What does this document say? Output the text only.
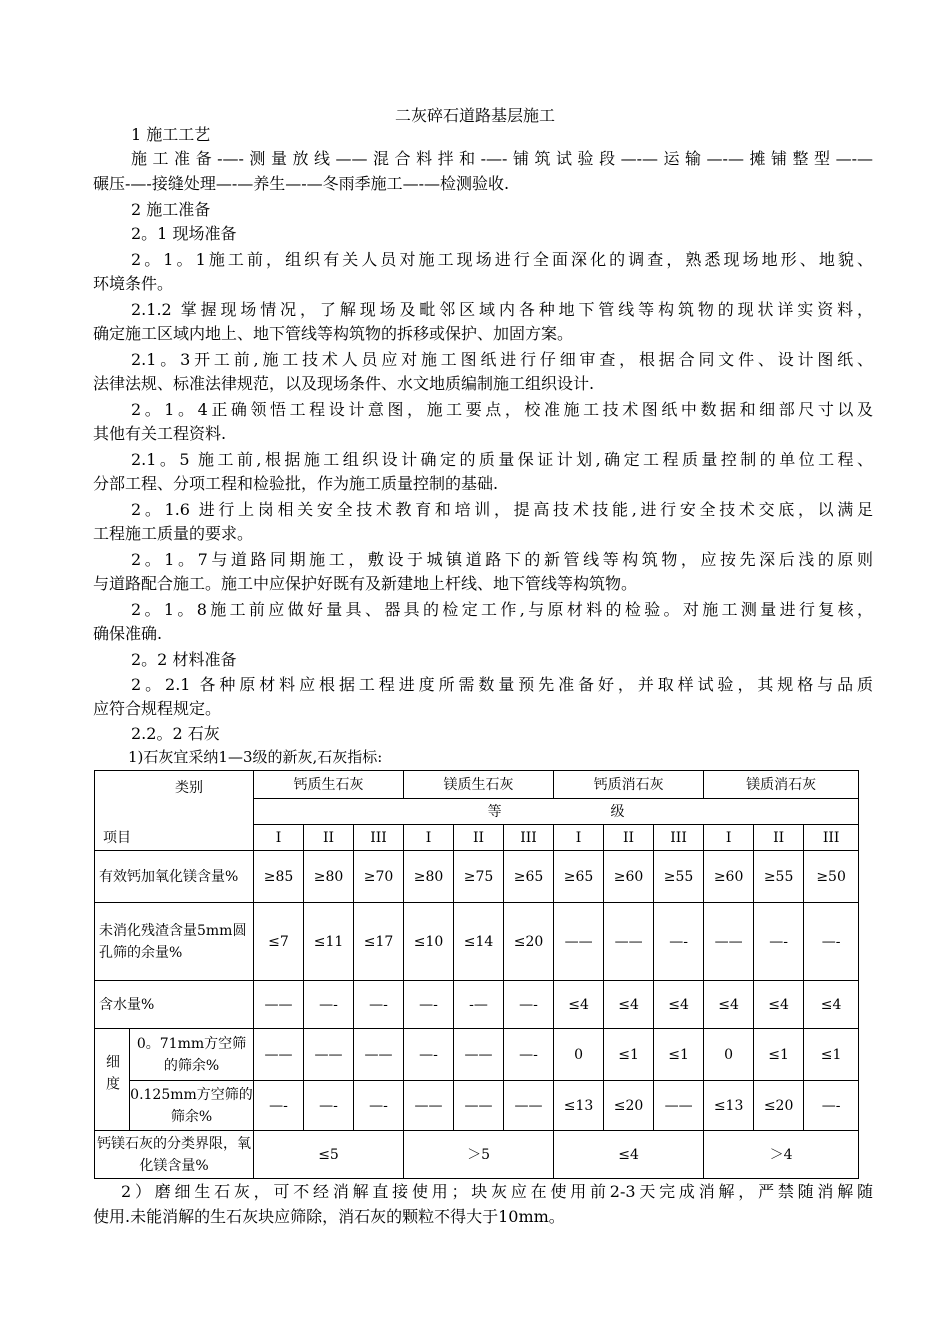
二灰碎石道路基层施工
1 施工工艺
施工准备-—-测量放线——混合料拌和-—-铺筑试验段—-—运输—-—摊铺整型—-—
碾压-—-接缝处理—-—养生—-—冬雨季施工—-—检测验收.
2 施工准备
2。1 现场准备
2。1。1施工前，组织有关人员对施工现场进行全面深化的调查，熟悉现场地形、地貌、
环境条件。
2.1.2 掌握现场情况，了解现场及毗邻区域内各种地下管线等构筑物的现状详实资料，
确定施工区域内地上、地下管线等构筑物的拆移或保护、加固方案。
2.1。3开工前,施工技术人员应对施工图纸进行仔细审查，根据合同文件、设计图纸、
法律法规、标准法律规范，以及现场条件、水文地质编制施工组织设计.
2。1。4正确领悟工程设计意图，施工要点，校准施工技术图纸中数据和细部尺寸以及
其他有关工程资料.
2.1。5 施工前,根据施工组织设计确定的质量保证计划,确定工程质量控制的单位工程、
分部工程、分项工程和检验批，作为施工质量控制的基础.
2。1.6 进行上岗相关安全技术教育和培训，提高技术技能,进行安全技术交底，以满足
工程施工质量的要求。
2。1。7与道路同期施工，敷设于城镇道路下的新管线等构筑物，应按先深后浅的原则
与道路配合施工。施工中应保护好既有及新建地上杆线、地下管线等构筑物。
2。1。8施工前应做好量具、器具的检定工作,与原材料的检验。对施工测量进行复核，
确保准确.
2。2 材料准备
2。2.1 各种原材料应根据工程进度所需数量预先准备好，并取样试验，其规格与品质
应符合规程规定。
2.2。2 石灰
1)石灰宜采纳1—3级的新灰,石灰指标:
类别
项目		钙质生石灰			镁质生石灰			钙质消石灰			镁质消石灰		
		等 级											
		I	II	III	I	II	III	I	II	III	I	II	III
有效钙加氧化镁含量%		≥85	≥80	≥70	≥80	≥75	≥65	≥65	≥60	≥55	≥60	≥55	≥50
未消化残渣含量5mm圆孔筛的余量%		≤7	≤11	≤17	≤10	≤14	≤20	——	——	—-	——	—-	—-
含水量%		——	—-	—-	—-	-—	—-	≤4	≤4	≤4	≤4	≤4	≤4
细度	0。71mm方空筛的筛余%	——	——	——	—-	——	—-	0	≤1	≤1	0	≤1	≤1
	0.125mm方空筛的筛余%	—-	—-	—-	——	——	——	≤13	≤20	——	≤13	≤20	—-
钙镁石灰的分类界限，氧化镁含量%		≤5			＞5			≤4			＞4		
2）磨细生石灰，可不经消解直接使用；块灰应在使用前2-3天完成消解，严禁随消解随
使用.未能消解的生石灰块应筛除，消石灰的颗粒不得大于10mm。
